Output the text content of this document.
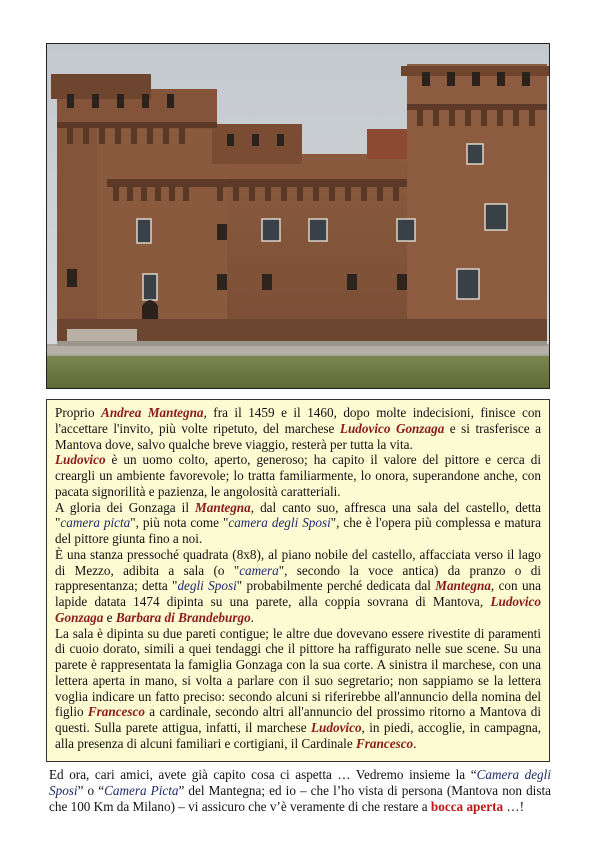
Proprio Andrea Mantegna, fra il 1459 e il 1460, dopo molte indecisioni, finisce con l'accettare l'invito, più volte ripetuto, del marchese Ludovico Gonzaga e si trasferisce a Mantova dove, salvo qualche breve viaggio, resterà per tutta la vita.

Ludovico è un uomo colto, aperto, generoso; ha capito il valore del pittore e cerca di creargli un ambiente favorevole; lo tratta familiarmente, lo onora, superandone anche, con pacata signorilità e pazienza, le angolosità caratteriali.

A gloria dei Gonzaga il Mantegna, dal canto suo, affresca una sala del castello, detta "camera picta", più nota come "camera degli Sposi", che è l'opera più complessa e matura del pittore giunta fino a noi.

È una stanza pressoché quadrata (8x8), al piano nobile del castello, affacciata verso il lago di Mezzo, adibita a sala (o "camera", secondo la voce antica) da pranzo o di rappresentanza; detta "degli Sposi" probabilmente perché dedicata dal Mantegna, con una lapide datata 1474 dipinta su una parete, alla coppia sovrana di Mantova, Ludovico Gonzaga e Barbara di Brandeburgo.

La sala è dipinta su due pareti contigue; le altre due dovevano essere rivestite di paramenti di cuoio dorato, simili a quei tendaggi che il pittore ha raffigurato nelle sue scene. Su una parete è rappresentata la famiglia Gonzaga con la sua corte. A sinistra il marchese, con una lettera aperta in mano, si volta a parlare con il suo segretario; non sappiamo se la lettera voglia indicare un fatto preciso: secondo alcuni si riferirebbe all'annuncio della nomina del figlio Francesco a cardinale, secondo altri all'annuncio del prossimo ritorno a Mantova di questi. Sulla parete attigua, infatti, il marchese Ludovico, in piedi, accoglie, in campagna, alla presenza di alcuni familiari e cortigiani, il Cardinale Francesco.

Ed ora, cari amici, avete già capito cosa ci aspetta … Vedremo insieme la “Camera degli Sposi” o “Camera Picta” del Mantegna; ed io – che l’ho vista di persona (Mantova non dista che 100 Km da Milano) – vi assicuro che v’è veramente di che restare a bocca aperta …!
